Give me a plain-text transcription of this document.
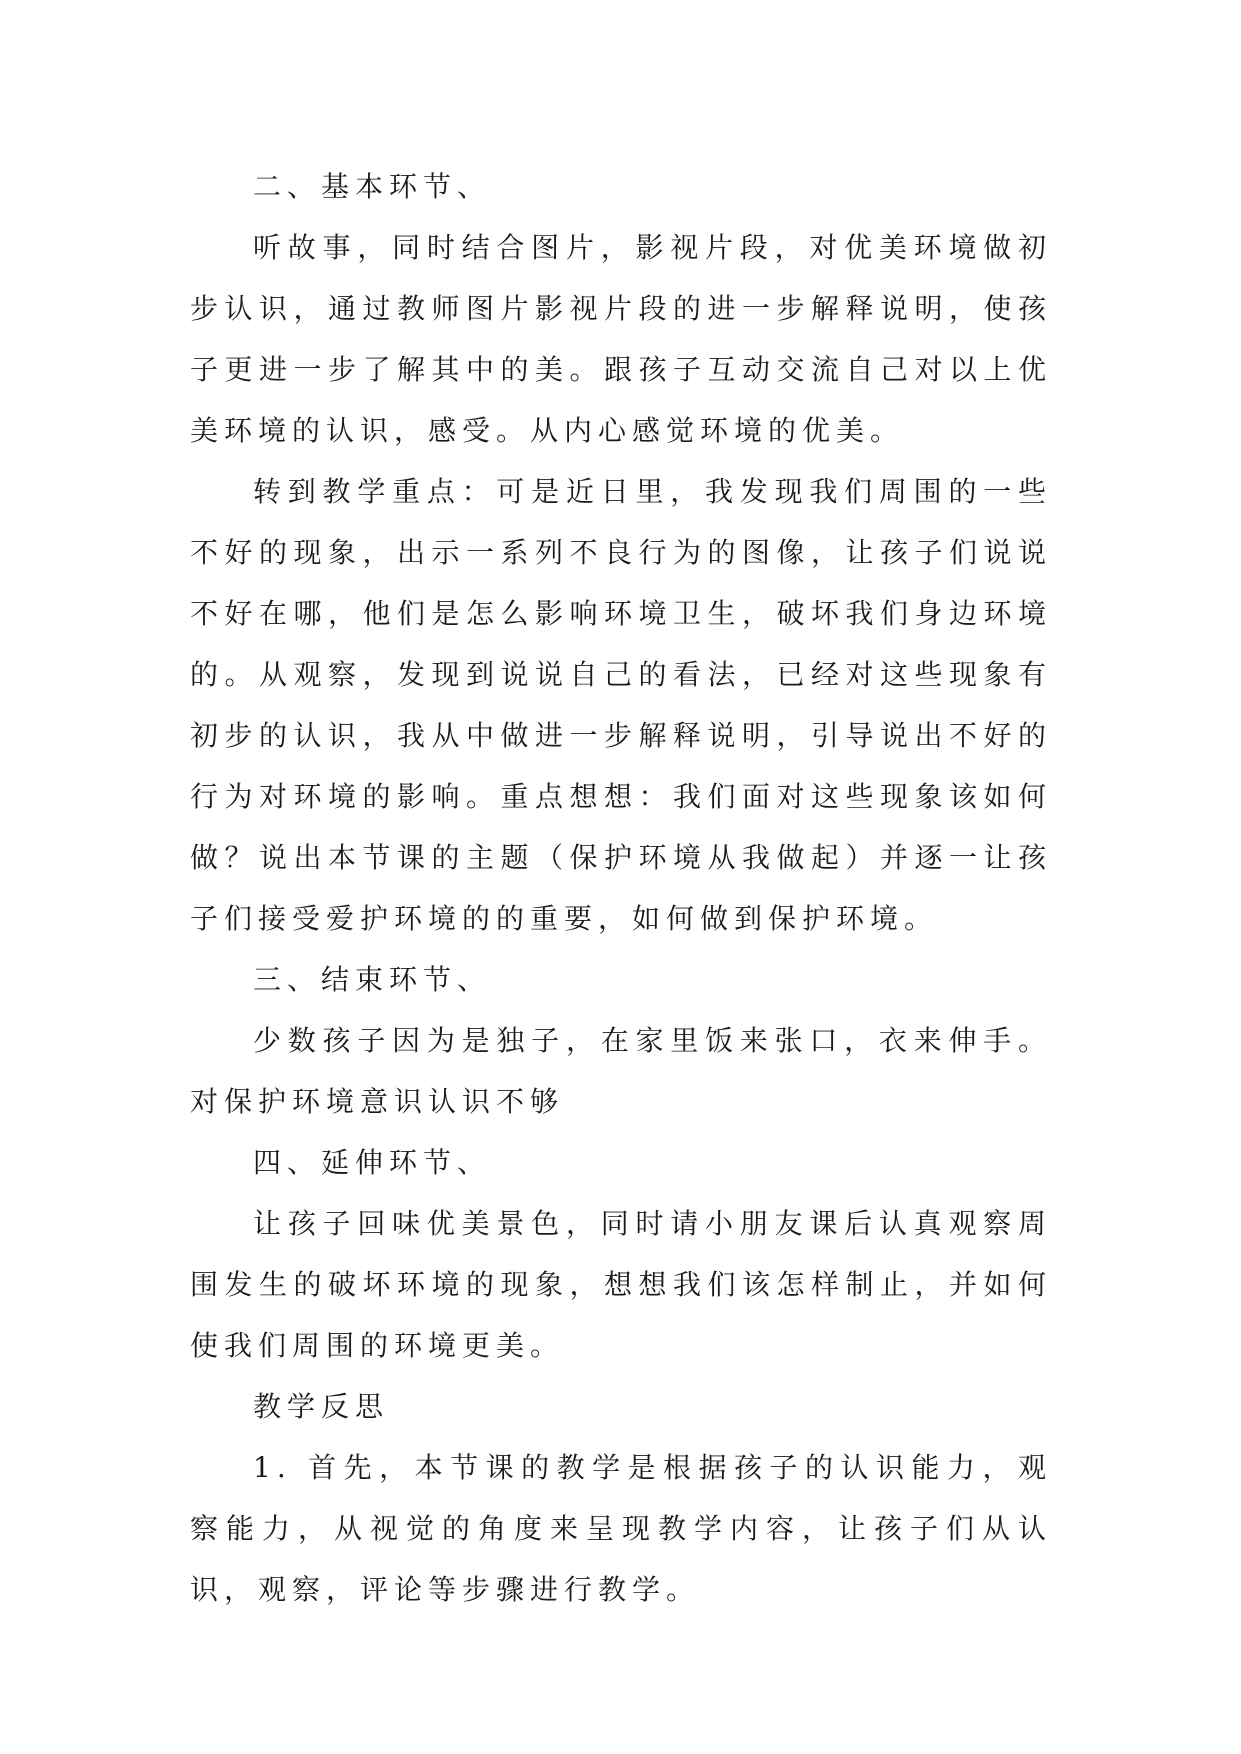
二、基本环节、

听故事，同时结合图片，影视片段，对优美环境做初步认识，通过教师图片影视片段的进一步解释说明，使孩子更进一步了解其中的美。跟孩子互动交流自己对以上优美环境的认识，感受。从内心感觉环境的优美。

转到教学重点：可是近日里，我发现我们周围的一些不好的现象，出示一系列不良行为的图像，让孩子们说说不好在哪，他们是怎么影响环境卫生，破坏我们身边环境的。从观察，发现到说说自己的看法，已经对这些现象有初步的认识，我从中做进一步解释说明，引导说出不好的行为对环境的影响。重点想想：我们面对这些现象该如何做？说出本节课的主题（保护环境从我做起）并逐一让孩子们接受爱护环境的的重要，如何做到保护环境。

三、结束环节、

少数孩子因为是独子，在家里饭来张口，衣来伸手。对保护环境意识认识不够

四、延伸环节、

让孩子回味优美景色，同时请小朋友课后认真观察周围发生的破坏环境的现象，想想我们该怎样制止，并如何使我们周围的环境更美。

教学反思

1. 首先，本节课的教学是根据孩子的认识能力，观察能力，从视觉的角度来呈现教学内容，让孩子们从认识，观察，评论等步骤进行教学。
